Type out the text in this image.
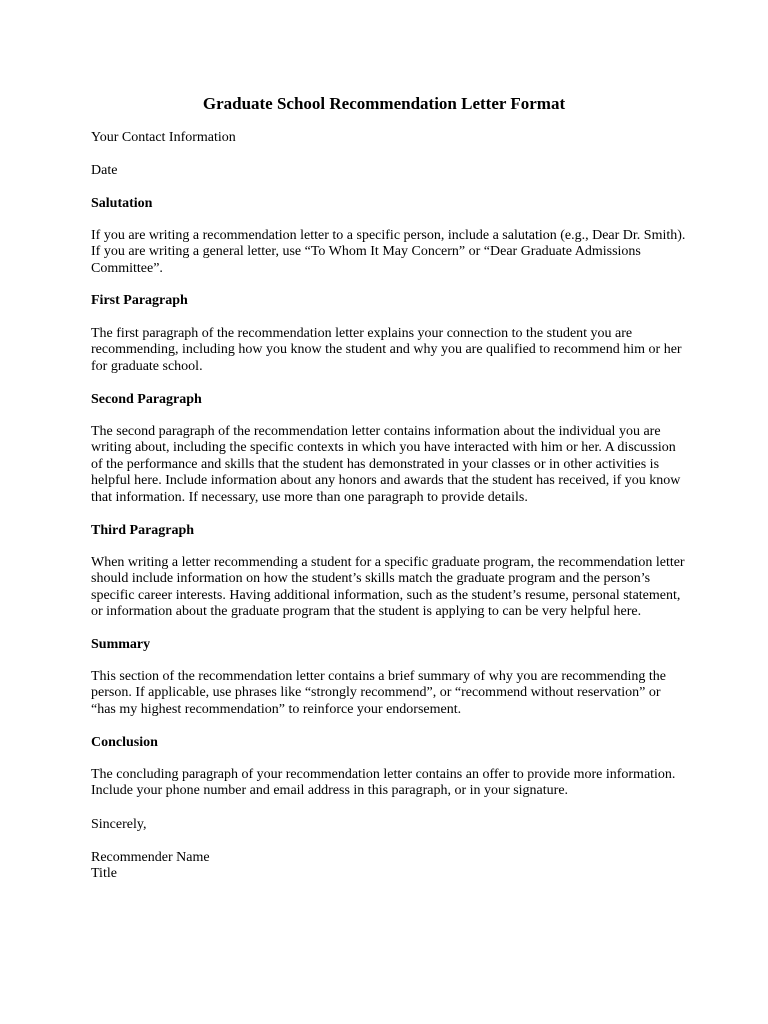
Graduate School Recommendation Letter Format

Your Contact Information

Date

Salutation

If you are writing a recommendation letter to a specific person, include a salutation (e.g., Dear Dr. Smith).
If you are writing a general letter, use “To Whom It May Concern” or “Dear Graduate Admissions
Committee”.

First Paragraph

The first paragraph of the recommendation letter explains your connection to the student you are
recommending, including how you know the student and why you are qualified to recommend him or her
for graduate school.

Second Paragraph

The second paragraph of the recommendation letter contains information about the individual you are
writing about, including the specific contexts in which you have interacted with him or her. A discussion
of the performance and skills that the student has demonstrated in your classes or in other activities is
helpful here. Include information about any honors and awards that the student has received, if you know
that information. If necessary, use more than one paragraph to provide details.

Third Paragraph

When writing a letter recommending a student for a specific graduate program, the recommendation letter
should include information on how the student’s skills match the graduate program and the person’s
specific career interests. Having additional information, such as the student’s resume, personal statement,
or information about the graduate program that the student is applying to can be very helpful here.

Summary

This section of the recommendation letter contains a brief summary of why you are recommending the
person. If applicable, use phrases like “strongly recommend”, or “recommend without reservation” or
“has my highest recommendation” to reinforce your endorsement.

Conclusion

The concluding paragraph of your recommendation letter contains an offer to provide more information.
Include your phone number and email address in this paragraph, or in your signature.

Sincerely,

Recommender Name

Title
